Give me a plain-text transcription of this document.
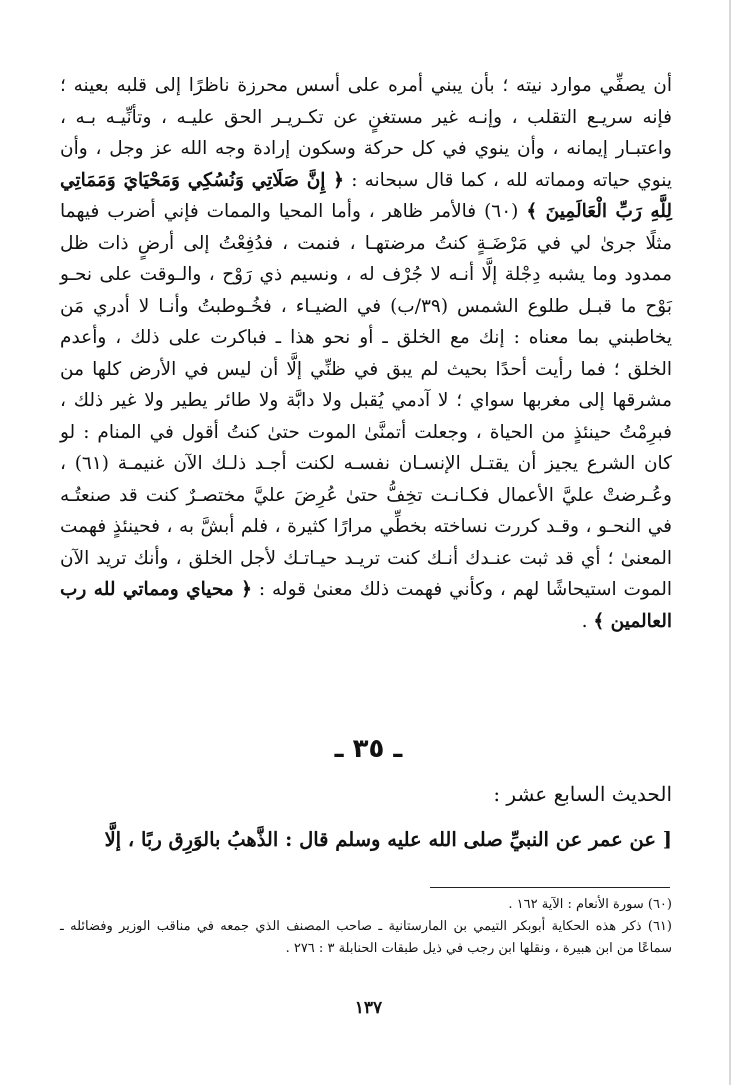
أن يصفِّي موارد نيته ؛ بأن يبني أمره على أسس محرزة ناظرًا إلى قلبه بعينه ؛ فإنه سريـع التقلب ، وإنـه غير مستغنٍ عن تكـريـر الحق عليـه ، وتأنِّيـه بـه ، واعتبـار إيمانه ، وأن ينوي في كل حركة وسكون إرادة وجه الله عز وجل ، وأن ينوي حياته ومماته لله ، كما قال سبحانه : ﴿ إِنَّ صَلَاتِي وَنُسُكِي وَمَحْيَايَ وَمَمَاتِي لِلَّهِ رَبِّ الْعَالَمِينَ ﴾ (٦٠) فالأمر ظاهر ، وأما المحيا والممات فإني أضرب فيهما مثلًا جرىٰ لي في مَرْضَـةٍ كنتُ مرضتهـا ، فنمت ، فدُفِعْتُ إلى أرضٍ ذات ظل ممدود وما يشبه دِجْلة إلَّا أنـه لا جُرْف له ، ونسيم ذي رَوْح ، والـوقت على نحـو بَوْح ما قبـل طلوع الشمس (٣٩/ب) في الضيـاء ، فخُـوطبتُ وأنـا لا أدري مَن يخاطبني بما معناه : إنك مع الخلق ـ أو نحو هذا ـ فباكرت على ذلك ، وأعدم الخلق ؛ فما رأيت أحدًا بحيث لم يبق في ظنِّي إلَّا أن ليس في الأرض كلها من مشرقها إلى مغربها سواي ؛ لا آدمي يُقبل ولا دابَّة ولا طائر يطير ولا غير ذلك ، فبرِمْتُ حينئذٍ من الحياة ، وجعلت أتمنَّىٰ الموت حتىٰ كنتُ أقول في المنام : لو كان الشرع يجيز أن يقتـل الإنسـان نفسـه لكنت أجـد ذلـك الآن غنيمـة (٦١) ، وعُـرضتْ عليَّ الأعمال فكـانـت تخِفُّ حتىٰ عُرِضَ عليَّ مختصـرٌ كنت قد صنعتُـه في النحـو ، وقـد كررت نساخته بخطِّي مرارًا كثيرة ، فلم أبشَّ به ، فحينئذٍ فهمت المعنىٰ ؛ أي قد ثبت عنـدك أنـك كنت تريـد حيـاتـك لأجل الخلق ، وأنك تريد الآن الموت استيحاشًا لهم ، وكأني فهمت ذلك معنىٰ قوله : ﴿ محياي ومماتي لله رب العالمين ﴾ .

ـ ٣٥ ـ
الحديث السابع عشر :
[ عن عمر عن النبيِّ صلى الله عليه وسلم قال : الذَّهبُ بالوَرِق ربًا ، إلَّا

(٦٠) سورة الأنعام : الآية ١٦٢ .

(٦١) ذكر هذه الحكاية أبوبكر التيمي بن المارستانية ـ صاحب المصنف الذي جمعه في مناقب الوزير وفضائله ـ سماعًا من ابن هبيرة ، ونقلها ابن رجب في ذيل طبقات الحنابلة ٣ : ٢٧٦ .

١٣٧
